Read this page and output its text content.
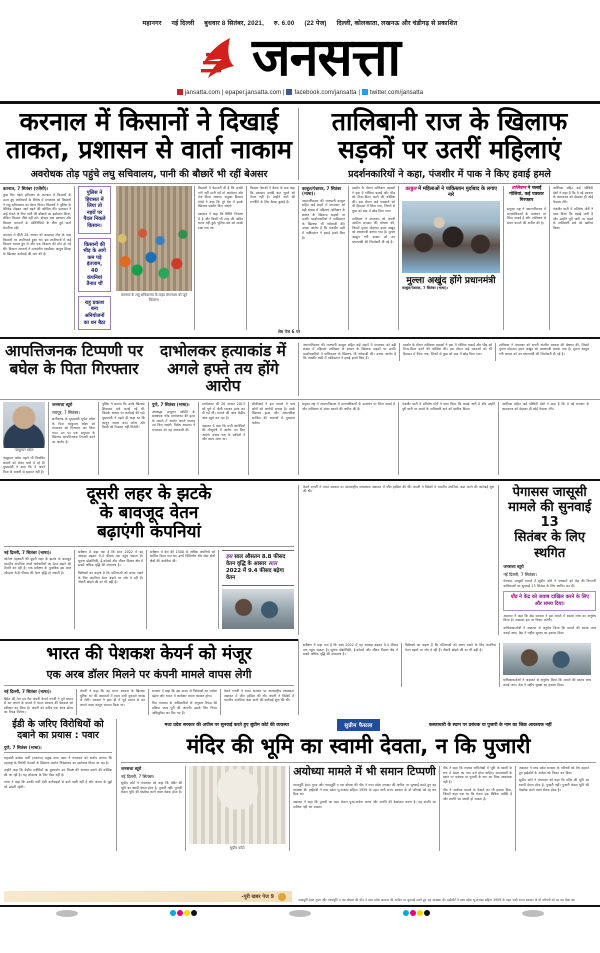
महानगर नई दिल्ली बुधवार 8 सितंबर, 2021, रु. 6.00 (22 पेज) दिल्ली, कोलकाता, लखनऊ और चंडीगढ़ से प्रकाशित
जनसत्ता
jansatta.com | epaper.jansatta.com | facebook.com/jansatta | twitter.com/jansatta
करनाल में किसानों ने दिखाई
ताकत, प्रशासन से वार्ता नाकाम
अवरोधक तोड़ पहुंचे लघु सचिवालय, पानी की बौछारें भी रहीं बेअसर
तालिबानी राज के खिलाफ
सड़कों पर उतरीं महिलाएं
प्रदर्शनकारियों ने कहा, पंजशीर में पाक ने किए हवाई हमले
करनाल, 7 सितंबर (एजेंसी)।
कुछ दिन पहले हरियाणा के करनाल में किसानों के ऊपर हुए लाठीचार्ज के विरोध में मंगलवार को किसानों ने लघु सचिवालय का घेराव किया। किसानों ने पुलिस के बैरिकेड तोड़कर आगे बढ़ने की कोशिश की। प्रशासन ने उन्हें रोकने के लिए पानी की बौछारों का इस्तेमाल किया, लेकिन किसान पीछे नहीं हटे। दोपहर बाद प्रशासन और किसान संगठनों के प्रतिनिधियों के बीच हुई वार्ता बेनतीजा रही।
करनाल में बीती 28 अगस्त को बसताड़ा टोल के पास किसानों पर लाठीचार्ज हुआ था। इस लाठीचार्ज में कई किसान घायल हुए थे और एक किसान की मौत हो गई थी। किसान संगठनों ने तत्कालीन एसडीएम आयुष सिन्हा के खिलाफ कार्रवाई की मांग की है।
पुलिस ने हिरासत में लिया तो नहरों पर पैदल निकले किसान।
किसानों की भीड़ के आगे कम पड़े इंतजाम, 40 कंपनियां तैनात थीं
राहु प्रकाश बना अनियोजनों का धन बैठा
करनाल के लघु सचिवालय के बाहर मंगलवार को जुटे किसान।
किसानों ने चेतावनी दी है कि उनकी मांगें नहीं मानी गईं तो आंदोलन और तेज किया जाएगा। संयुक्त किसान मोर्चा ने कहा कि पूरे देश में इसके खिलाफ प्रदर्शन किए जाएंगे।
प्रशासन ने कहा कि स्थिति नियंत्रण में है और किसी भी तरह की अप्रिय घटना नहीं हुई। पुलिस बल को सतर्क रखा गया था।
किसान नेताओं ने बैठक के बाद कहा कि प्रशासन उनकी बात सुनने को तैयार नहीं है। उन्होंने आगे की रणनीति के लिए बैठक बुलाई है।
काबुल/पेशावर, 7 सितंबर (भाषा)।
अफगानिस्तान की राजधानी काबुल सहित कई शहरों में मंगलवार को बड़ी संख्या में महिलाएं तालिबान के शासन के खिलाफ सड़कों पर उतरीं। प्रदर्शनकारियों ने पाकिस्तान के खिलाफ भी नारेबाजी की। उनका आरोप है कि पंजशीर घाटी में पाकिस्तान ने हवाई हमले किए हैं।
प्रदर्शन के दौरान तालिबान लड़ाकों ने हवा में गोलियां चलाईं और भीड़ को तितर-बितर करने की कोशिश की। इस दौरान कई पत्रकारों को भी हिरासत में लिया गया, जिनमें से कुछ को बाद में छोड़ दिया गया।
तालिबान ने मंगलवार को अपनी अंतरिम सरकार की घोषणा की, जिसमें मुल्ला मोहम्मद हसन अखुंद को प्रधानमंत्री बनाया गया है। मुल्ला अब्दुल गनी बरादर को उप प्रधानमंत्री की जिम्मेदारी दी गई है।
काबुल में महिलाओं ने पाकिस्तान मुर्दाबाद के लगाए नारे
मुल्ला अखुंद होंगे प्रधानमंत्री
काबुल/पेशावर, 7 सितंबर (भाषा)।
तालिबान ने चलाईं गोलियां, कई पत्रकार गिरफ्तार
संयुक्त राष्ट्र ने अफगानिस्तान में मानवाधिकारों के उल्लंघन पर चिंता जताई है और तालिबान से संयम बरतने की अपील की है।
अमेरिका सहित कई पश्चिमी देशों ने कहा है कि वे नई सरकार के कामकाज को देखकर ही कोई फैसला लेंगे।
पंजशीर घाटी में प्रतिरोध मोर्चे ने दावा किया कि लड़ाई जारी है और उन्होंने पूरी घाटी पर कब्जे के तालिबानी दावे को खारिज किया।
शेष पेज 6 पर
आपत्तिजनक टिप्पणी पर
बघेल के पिता गिरफ्तार
दाभोलकर हत्याकांड में
अगले हफ्ते तय होंगे आरोप
अफगानिस्तान की राजधानी काबुल सहित कई शहरों में मंगलवार को बड़ी संख्या में महिलाएं तालिबान के शासन के खिलाफ सड़कों पर उतरीं। प्रदर्शनकारियों ने पाकिस्तान के खिलाफ भी नारेबाजी की। उनका आरोप है कि पंजशीर घाटी में पाकिस्तान ने हवाई हमले किए हैं।
प्रदर्शन के दौरान तालिबान लड़ाकों ने हवा में गोलियां चलाईं और भीड़ को तितर-बितर करने की कोशिश की। इस दौरान कई पत्रकारों को भी हिरासत में लिया गया, जिनमें से कुछ को बाद में छोड़ दिया गया।
तालिबान ने मंगलवार को अपनी अंतरिम सरकार की घोषणा की, जिसमें मुल्ला मोहम्मद हसन अखुंद को प्रधानमंत्री बनाया गया है। मुल्ला अब्दुल गनी बरादर को उप प्रधानमंत्री की जिम्मेदारी दी गई है।
नंदकुमार बघेल
नंदकुमार बघेल पहले भी विवादित बयानों को लेकर चर्चा में रहे हैं। मुख्यमंत्री ने कहा कि वे अपने पिता के बयानों से सहमत नहीं हैं।
जनसत्ता ब्यूरो
रायपुर, 7 सितंबर।
छत्तीसगढ़ के मुख्यमंत्री भूपेश बघेल के पिता नंदकुमार बघेल को मंगलवार को गिरफ्तार कर लिया गया। उन पर एक समुदाय के खिलाफ आपत्तिजनक टिप्पणी करने का आरोप है।
पुलिस ने बताया कि उनके खिलाफ शिकायत दर्ज कराई गई थी, जिसके आधार पर कार्रवाई की गई। मुख्यमंत्री ने पहले ही कहा था कि कानून अपना काम करेगा और किसी को रियायत नहीं मिलेगी।
पुणे, 7 सितंबर (भाषा)।
अंधश्रद्धा उन्मूलन समिति के संस्थापक नरेंद्र दाभोलकर की हत्या के मामले में आरोप अगले सप्ताह तय किए जाएंगे। विशेष अदालत ने मंगलवार को यह जानकारी दी।
दाभोलकर की 20 अगस्त 2013 को पुणे में गोली मारकर हत्या कर दी गई थी। मामले की जांच केंद्रीय जांच ब्यूरो कर रहा है।
अदालत ने कहा कि सभी आरोपियों की मौजूदगी में आरोप तय किए जाएंगे। बचाव पक्ष के वकीलों ने और समय मांगा था।
सीबीआई ने इस मामले में पांच लोगों को आरोपी बनाया है। उनके खिलाफ हत्या और आपराधिक साजिश की धाराओं में मुकदमा चलेगा।
संयुक्त राष्ट्र ने अफगानिस्तान में मानवाधिकारों के उल्लंघन पर चिंता जताई है और तालिबान से संयम बरतने की अपील की है।
पंजशीर घाटी में प्रतिरोध मोर्चे ने दावा किया कि लड़ाई जारी है और उन्होंने पूरी घाटी पर कब्जे के तालिबानी दावे को खारिज किया।
अमेरिका सहित कई पश्चिमी देशों ने कहा है कि वे नई सरकार के कामकाज को देखकर ही कोई फैसला लेंगे।
दूसरी लहर के झटके
के बावजूद वेतन
बढ़ाएंगी कंपनियां
नई दिल्ली, 7 सितंबर (भाषा)।
कोरोना महामारी की दूसरी लहर के झटके के बावजूद भारतीय कंपनियां अपने कर्मचारियों का वेतन बढ़ाने की तैयारी कर रही हैं। एक सर्वेक्षण के मुताबिक इस साल औसतन 8.8 फीसद की वेतन वृद्धि हो सकती है।
सर्वेक्षण में कहा गया है कि साल 2022 में यह आंकड़ा बढ़कर 9.4 फीसद तक पहुंच सकता है। सूचना प्रौद्योगिकी, ई-कॉमर्स और जीवन विज्ञान क्षेत्र में सबसे अधिक वृद्धि की संभावना है।
विशेषज्ञों का कहना है कि प्रतिभाओं को बनाए रखने के लिए कंपनियां वेतन बढ़ाने पर जोर दे रही हैं। नौकरी छोड़ने की दर भी बढ़ी है।
सर्वेक्षण में देश की 1500 से अधिक कंपनियों को शामिल किया गया था। इनमें विनिर्माण और सेवा दोनों क्षेत्रों की कंपनियां थीं।
इस साल औसतन 8.8 फीसद वेतन वृद्धि के आसार साल 2022 में 9.4 फीसद बढ़ेगा वेतन
केयर्न एनर्जी ने भारत सरकार पर अंतरराष्ट्रीय मध्यस्थता अदालत में जीत हासिल की थी। कंपनी ने विदेशों में भारतीय संपत्तियां जब्त करने की कार्रवाई शुरू की थी।	पेगासस जासूसी
मामले की सुनवाई 13
सितंबर के लिए स्थगित
जनसत्ता ब्यूरो
नई दिल्ली, 7 सितंबर।
पेगासस जासूसी मामले में सुप्रीम कोर्ट ने पत्रकारों को केंद्र की निगरानी याचिकाओं पर सुनवाई 13 सितंबर के लिए स्थगित कर दी।
पीठ ने केंद्र को जवाब दाखिल करने के लिए और समय दिया।
अदालत ने कहा कि केंद्र सरकार ने इस मामले में स्वतंत्र जांच का अनुरोध किया है। अदालत इस पर विचार करेगी।
याचिकाकर्ताओं ने अदालत से अनुरोध किया कि मामले की स्वतंत्र जांच कराई जाए। केंद्र ने राष्ट्रीय सुरक्षा का हवाला दिया।
भारत की पेशकश केयर्न को मंजूर
एक अरब डॉलर मिलने पर कंपनी मामले वापस लेगी
नई दिल्ली, 7 सितंबर (भाषा)।
ब्रिटेन की तेल एवं गैस कंपनी केयर्न एनर्जी ने पूर्व प्रभाव से कर लगाने के मामले में भारत सरकार की पेशकश को स्वीकार कर लिया है। कंपनी को करीब एक अरब डॉलर का रिफंड मिलेगा।
कंपनी ने कहा कि वह भारत सरकार के खिलाफ दुनिया भर की अदालतों में दायर सभी मुकदमे वापस ले लेगी। सरकार ने हाल ही में पूर्व प्रभाव से कर लगाने वाला कानून समाप्त किया था।
सरकार ने कहा कि इस कदम से निवेशकों का भरोसा बढ़ेगा और भारत में कारोबार करना आसान होगा।
वित्त मंत्रालय के अधिकारियों के अनुसार रिफंड की प्रक्रिया जल्द पूरी की जाएगी। इसके लिए नियम अधिसूचित कर दिए गए हैं।
केयर्न एनर्जी ने भारत सरकार पर अंतरराष्ट्रीय मध्यस्थता अदालत में जीत हासिल की थी। कंपनी ने विदेशों में भारतीय संपत्तियां जब्त करने की कार्रवाई शुरू की थी।
सर्वेक्षण में कहा गया है कि साल 2022 में यह आंकड़ा बढ़कर 9.4 फीसद तक पहुंच सकता है। सूचना प्रौद्योगिकी, ई-कॉमर्स और जीवन विज्ञान क्षेत्र में सबसे अधिक वृद्धि की संभावना है।
विशेषज्ञों का कहना है कि प्रतिभाओं को बनाए रखने के लिए कंपनियां वेतन बढ़ाने पर जोर दे रही हैं। नौकरी छोड़ने की दर भी बढ़ी है।
याचिकाकर्ताओं ने अदालत से अनुरोध किया कि मामले की स्वतंत्र जांच कराई जाए। केंद्र ने राष्ट्रीय सुरक्षा का हवाला दिया।
ईडी के जरिए विरोधियों को
दबाने का प्रयास : पवार
पुणे, 7 सितंबर (भाषा)।
राष्ट्रवादी कांग्रेस पार्टी (राकांपा) प्रमुख शरद पवार ने मंगलवार को आरोप लगाया कि महाराष्ट्र के विरोधी नेताओं के खिलाफ प्रवर्तन निदेशालय का इस्तेमाल किया जा रहा है।
उन्होंने कहा कि केंद्रीय एजेंसियों का दुरुपयोग कर विपक्ष की आवाज दबाने की कोशिश की जा रही है। यह लोकतंत्र के लिए ठीक नहीं है।
पवार ने कहा कि उनकी पार्टी ऐसी कार्रवाइयों से डरने वाली नहीं है और जनता के मुद्दों को उठाती रहेगी।
मध्य प्रदेश सरकार की अपील पर सुनवाई करते हुए सुप्रीम कोर्ट की व्यवस्था	सुप्रीम फैसला	कब्जाधारी के स्थान पर प्रबंधक या पुजारी के नाम का जिक्र आवश्यक नहीं
मंदिर की भूमि का स्वामी देवता, न कि पुजारी
जनसत्ता ब्यूरो
नई दिल्ली, 7 सितंबर।
सुप्रीम कोर्ट ने मंगलवार को कहा कि मंदिर की भूमि का स्वामी देवता होता है, पुजारी नहीं। पुजारी केवल भूमि की देखरेख करने वाला सेवक होता है।
सुप्रीम कोर्ट।
अयोध्या मामले में भी समान टिप्पणी
न्यायमूर्ति हेमंत गुप्ता और न्यायमूर्ति ए एस बोपन्ना की पीठ ने मध्य प्रदेश सरकार की अपील पर सुनवाई करते हुए यह व्यवस्था दी। हाईकोर्ट ने मध्य प्रदेश भू-राजस्व संहिता 1959 के तहत जारी राज्य सरकार के दो परिपत्रों को रद्द कर दिया था।
अदालत ने कहा कि पुजारी का काम केवल पूजा-अर्चना करना और संपत्ति की देखभाल करना है। वह संपत्ति का मालिक नहीं बन सकता।
पीठ ने कहा कि राजस्व अभिलेखों में भूमि के स्वामी के रूप में देवता का नाम दर्ज होना चाहिए। कब्जाधारी के स्थान पर प्रबंधक या पुजारी के नाम का जिक्र आवश्यक नहीं है।
पीठ ने अयोध्या मामले के फैसले का भी हवाला दिया, जिसमें कहा गया था कि देवता एक विधिक व्यक्ति है और संपत्ति का स्वामी हो सकता है।
अदालत ने मध्य प्रदेश सरकार के परिपत्रों को वैध ठहराते हुए हाईकोर्ट के आदेश को निरस्त कर दिया।
सुप्रीम कोर्ट ने मंगलवार को कहा कि मंदिर की भूमि का स्वामी देवता होता है, पुजारी नहीं। पुजारी केवल भूमि की देखरेख करने वाला सेवक होता है।
-पूरी खबर पेज 9
न्यायमूर्ति हेमंत गुप्ता और न्यायमूर्ति ए एस बोपन्ना की पीठ ने मध्य प्रदेश सरकार की अपील पर सुनवाई करते हुए यह व्यवस्था दी। हाईकोर्ट ने मध्य प्रदेश भू-राजस्व संहिता 1959 के तहत जारी राज्य सरकार के दो परिपत्रों को रद्द कर दिया था।
